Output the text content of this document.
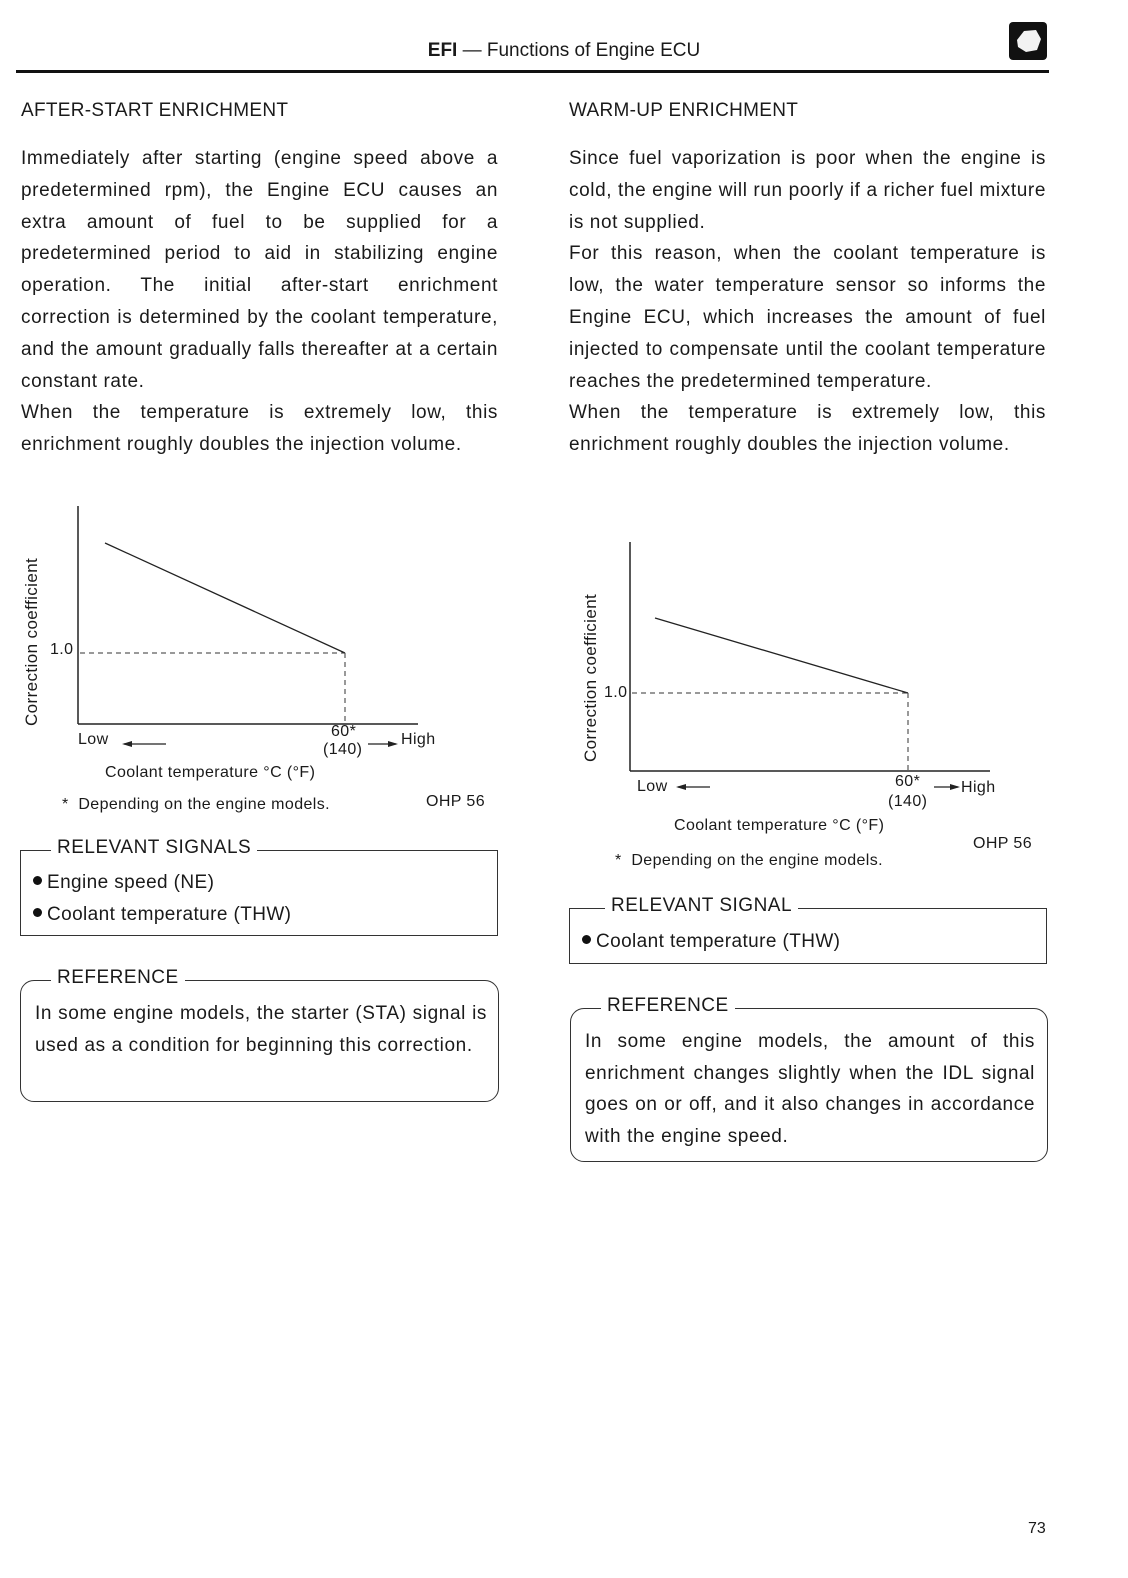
EFI — Functions of Engine ECU
AFTER-START ENRICHMENT

Immediately after starting (engine speed above a predetermined rpm), the Engine ECU causes an extra amount of fuel to be supplied for a predetermined period to aid in stabilizing engine operation. The initial after-start enrichment correction is determined by the coolant temperature, and the amount gradually falls thereafter at a certain constant rate.

When the temperature is extremely low, this enrichment roughly doubles the injection volume.

Correction coefficient 1.0
Low	60*
(140)
High
Coolant temperature °C (°F)
*  Depending on the engine models.	OHP 56
RELEVANT SIGNALS
Engine speed (NE)
Coolant temperature (THW)
REFERENCE
In some engine models, the starter (STA) signal is used as a condition for beginning this correction.
WARM-UP ENRICHMENT

Since fuel vaporization is poor when the engine is cold, the engine will run poorly if a richer fuel mixture is not supplied.

For this reason, when the coolant temperature is low, the water temperature sensor so informs the Engine ECU, which increases the amount of fuel injected to compensate until the coolant temperature reaches the predetermined temperature.

When the temperature is extremely low, this enrichment roughly doubles the injection volume.

Correction coefficient 1.0
Low	60*
(140)
High
Coolant temperature °C (°F)
OHP 56
*  Depending on the engine models.
RELEVANT SIGNAL
Coolant temperature (THW)
REFERENCE
In some engine models, the amount of this enrichment changes slightly when the IDL signal goes on or off, and it also changes in accordance with the engine speed.
73
